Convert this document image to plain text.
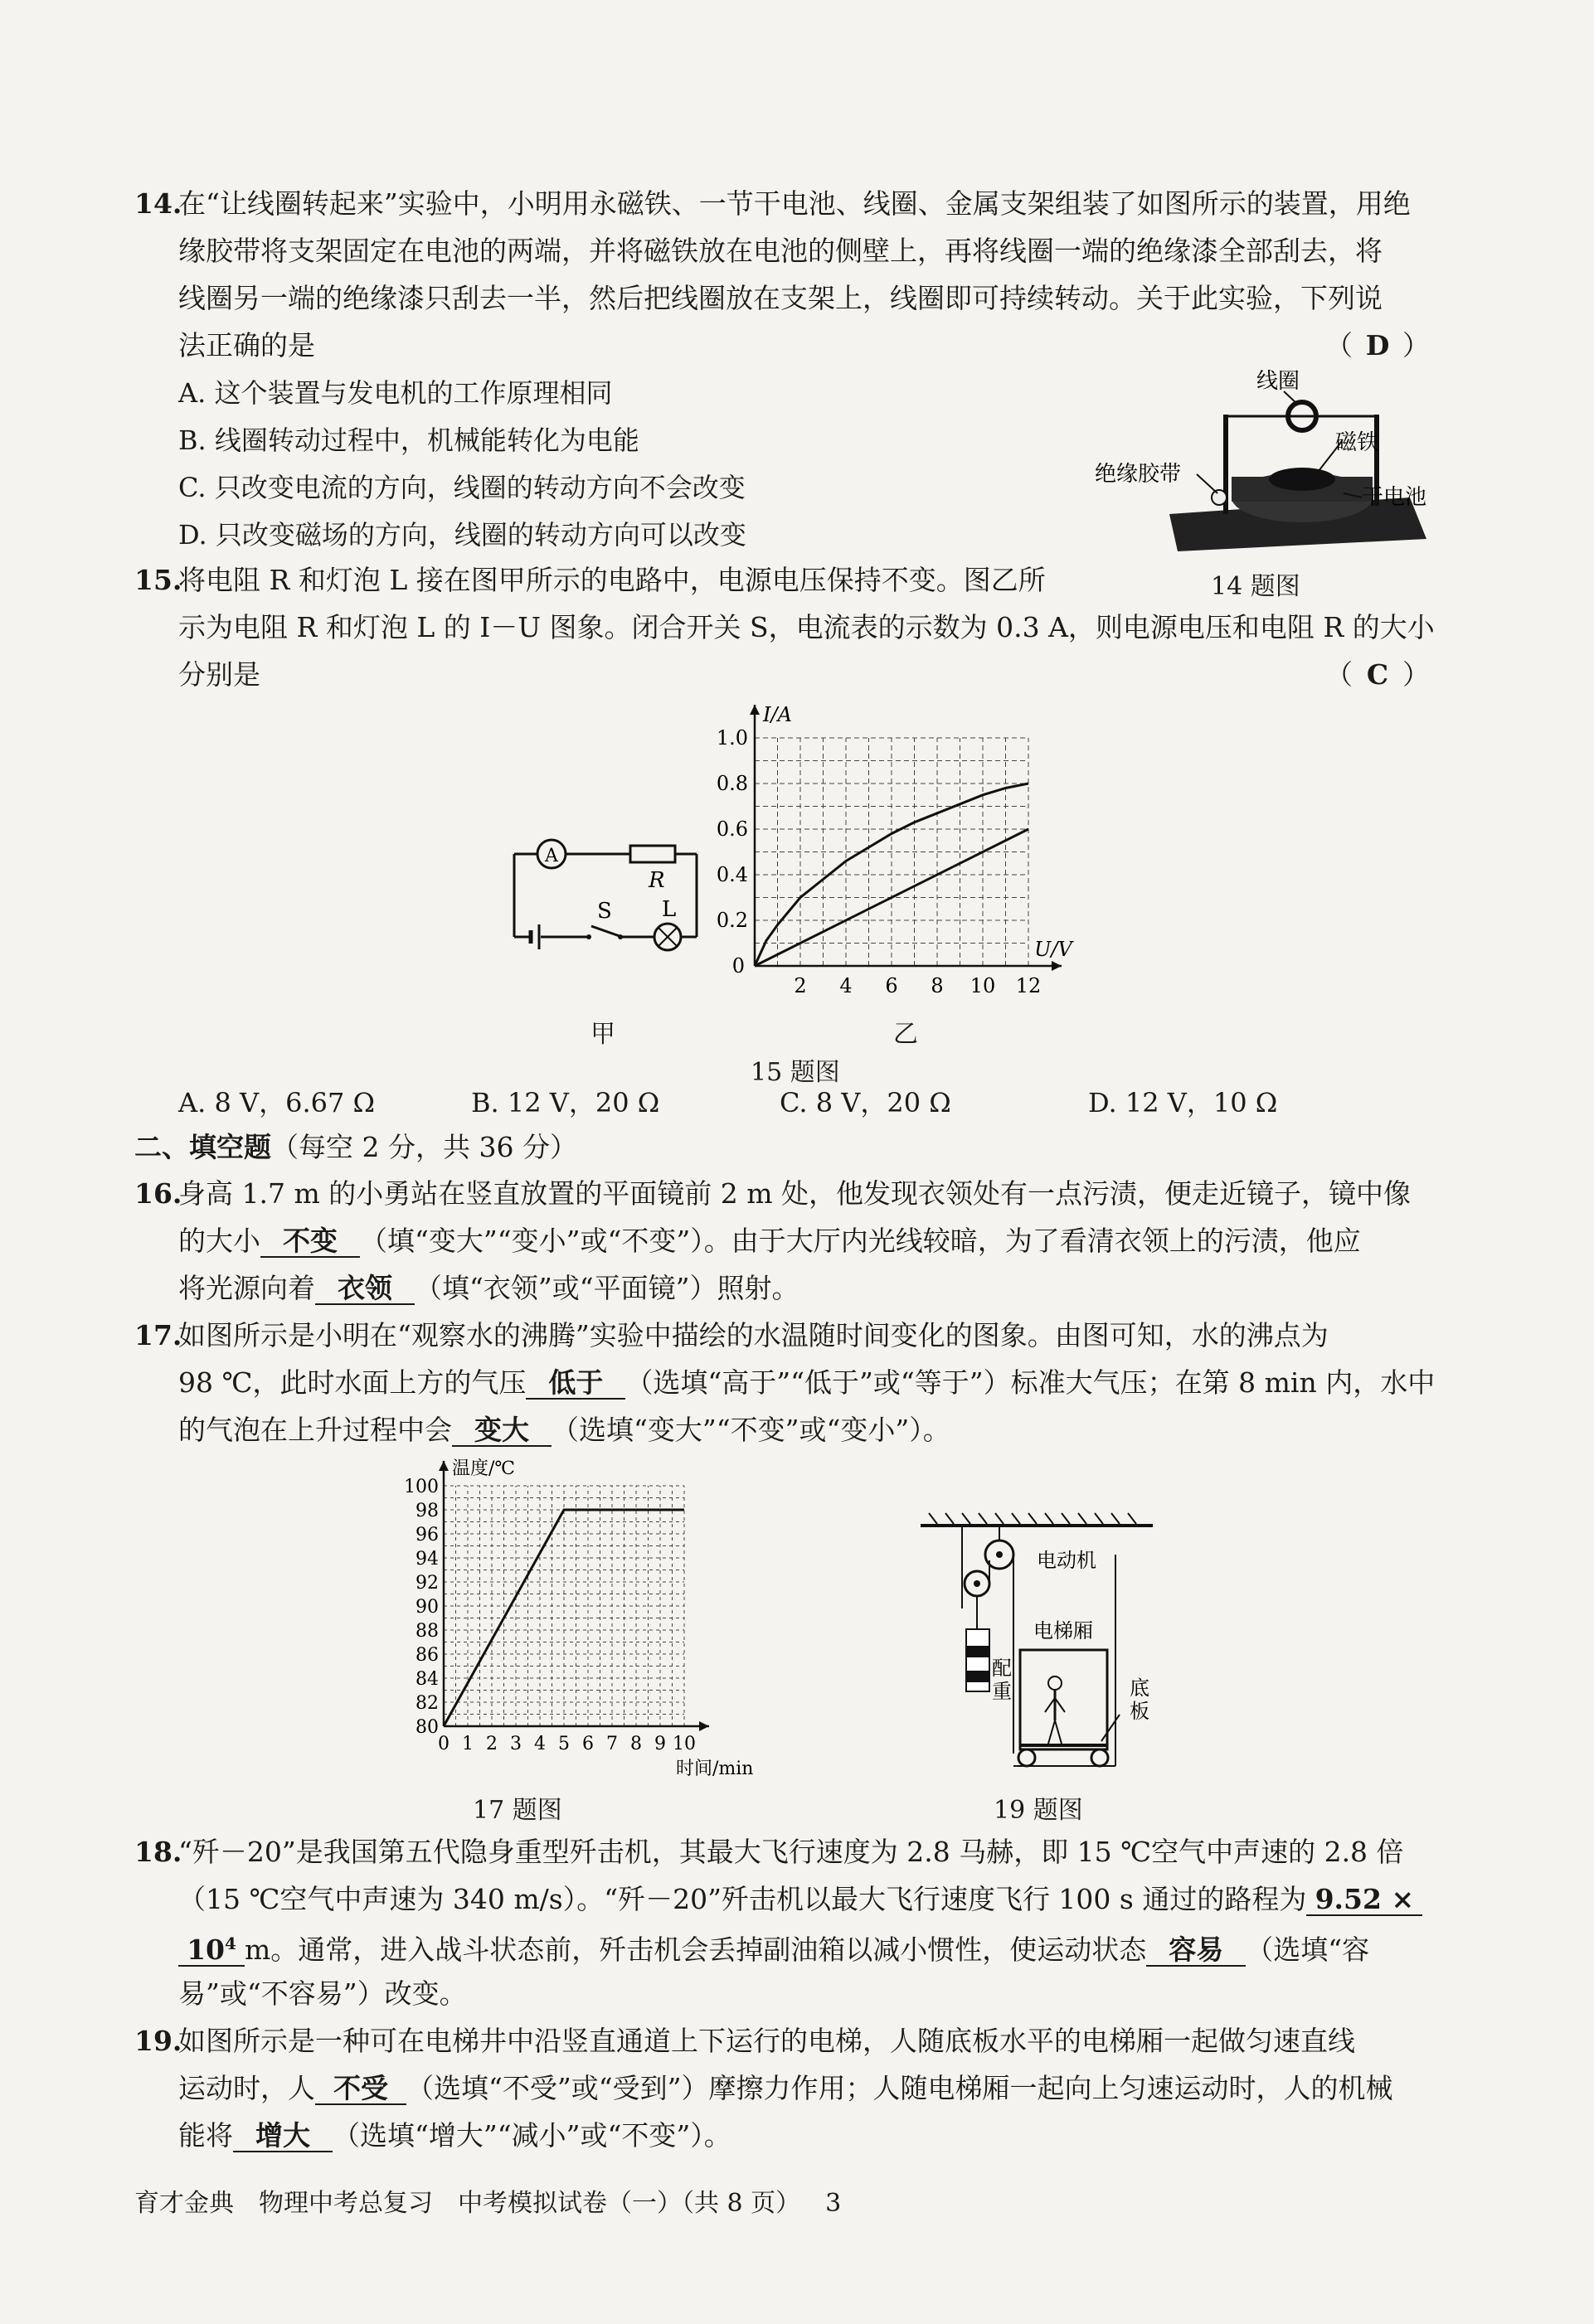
14.
在“让线圈转起来”实验中，小明用永磁铁、一节干电池、线圈、金属支架组装了如图所示的装置，用绝
缘胶带将支架固定在电池的两端，并将磁铁放在电池的侧壁上，再将线圈一端的绝缘漆全部刮去，将
线圈另一端的绝缘漆只刮去一半，然后把线圈放在支架上，线圈即可持续转动。关于此实验，下列说
法正确的是	（ D ）
A. 这个装置与发电机的工作原理相同
B. 线圈转动过程中，机械能转化为电能
C. 只改变电流的方向，线圈的转动方向不会改变
D. 只改变磁场的方向，线圈的转动方向可以改变
线圈
磁铁
绝缘胶带
干电池
14 题图
15.
将电阻 R 和灯泡 L 接在图甲所示的电路中，电源电压保持不变。图乙所
示为电阻 R 和灯泡 L 的 I－U 图象。闭合开关 S，电流表的示数为 0.3 A，则电源电压和电阻 R 的大小
分别是	（ C ）
A
R
L
S
甲
2 4 6 8 10 12
0.2
0.4
0.6
0.8
1.0
0
U/V
I/A
乙
15 题图
A. 8 V，6.67 Ω	B. 12 V，20 Ω	C. 8 V，20 Ω	D. 12 V，10 Ω
二、填空题（每空 2 分，共 36 分）
16.
身高 1.7 m 的小勇站在竖直放置的平面镜前 2 m 处，他发现衣领处有一点污渍，便走近镜子，镜中像
的大小 不变 （填“变大”“变小”或“不变”）。由于大厅内光线较暗，为了看清衣领上的污渍，他应
将光源向着 衣领 （填“衣领”或“平面镜”）照射。
17.
如图所示是小明在“观察水的沸腾”实验中描绘的水温随时间变化的图象。由图可知，水的沸点为
98 ℃，此时水面上方的气压 低于 （选填“高于”“低于”或“等于”）标准大气压；在第 8 min 内，水中
的气泡在上升过程中会 变大 （选填“变大”“不变”或“变小”）。
0 1 2 3 4 5 6 7 8 9 10
80
82
84
86
88
90
92
94
96
98
100
时间/min
温度/℃
17 题图
电动机
电梯厢
配
重	底
板
19 题图
18.
“歼－20”是我国第五代隐身重型歼击机，其最大飞行速度为 2.8 马赫，即 15 ℃空气中声速的 2.8 倍
（15 ℃空气中声速为 340 m/s）。“歼－20”歼击机以最大飞行速度飞行 100 s 通过的路程为 9.52 ×
$10^4$ m。通常，进入战斗状态前，歼击机会丢掉副油箱以减小惯性，使运动状态 容易 （选填“容
易”或“不容易”）改变。
19.
如图所示是一种可在电梯井中沿竖直通道上下运行的电梯，人随底板水平的电梯厢一起做匀速直线
运动时，人 不受 （选填“不受”或“受到”）摩擦力作用；人随电梯厢一起向上匀速运动时，人的机械
能将 增大 （选填“增大”“减小”或“不变”）。
育才金典　物理中考总复习　中考模拟试卷（一）（共 8 页） 3
